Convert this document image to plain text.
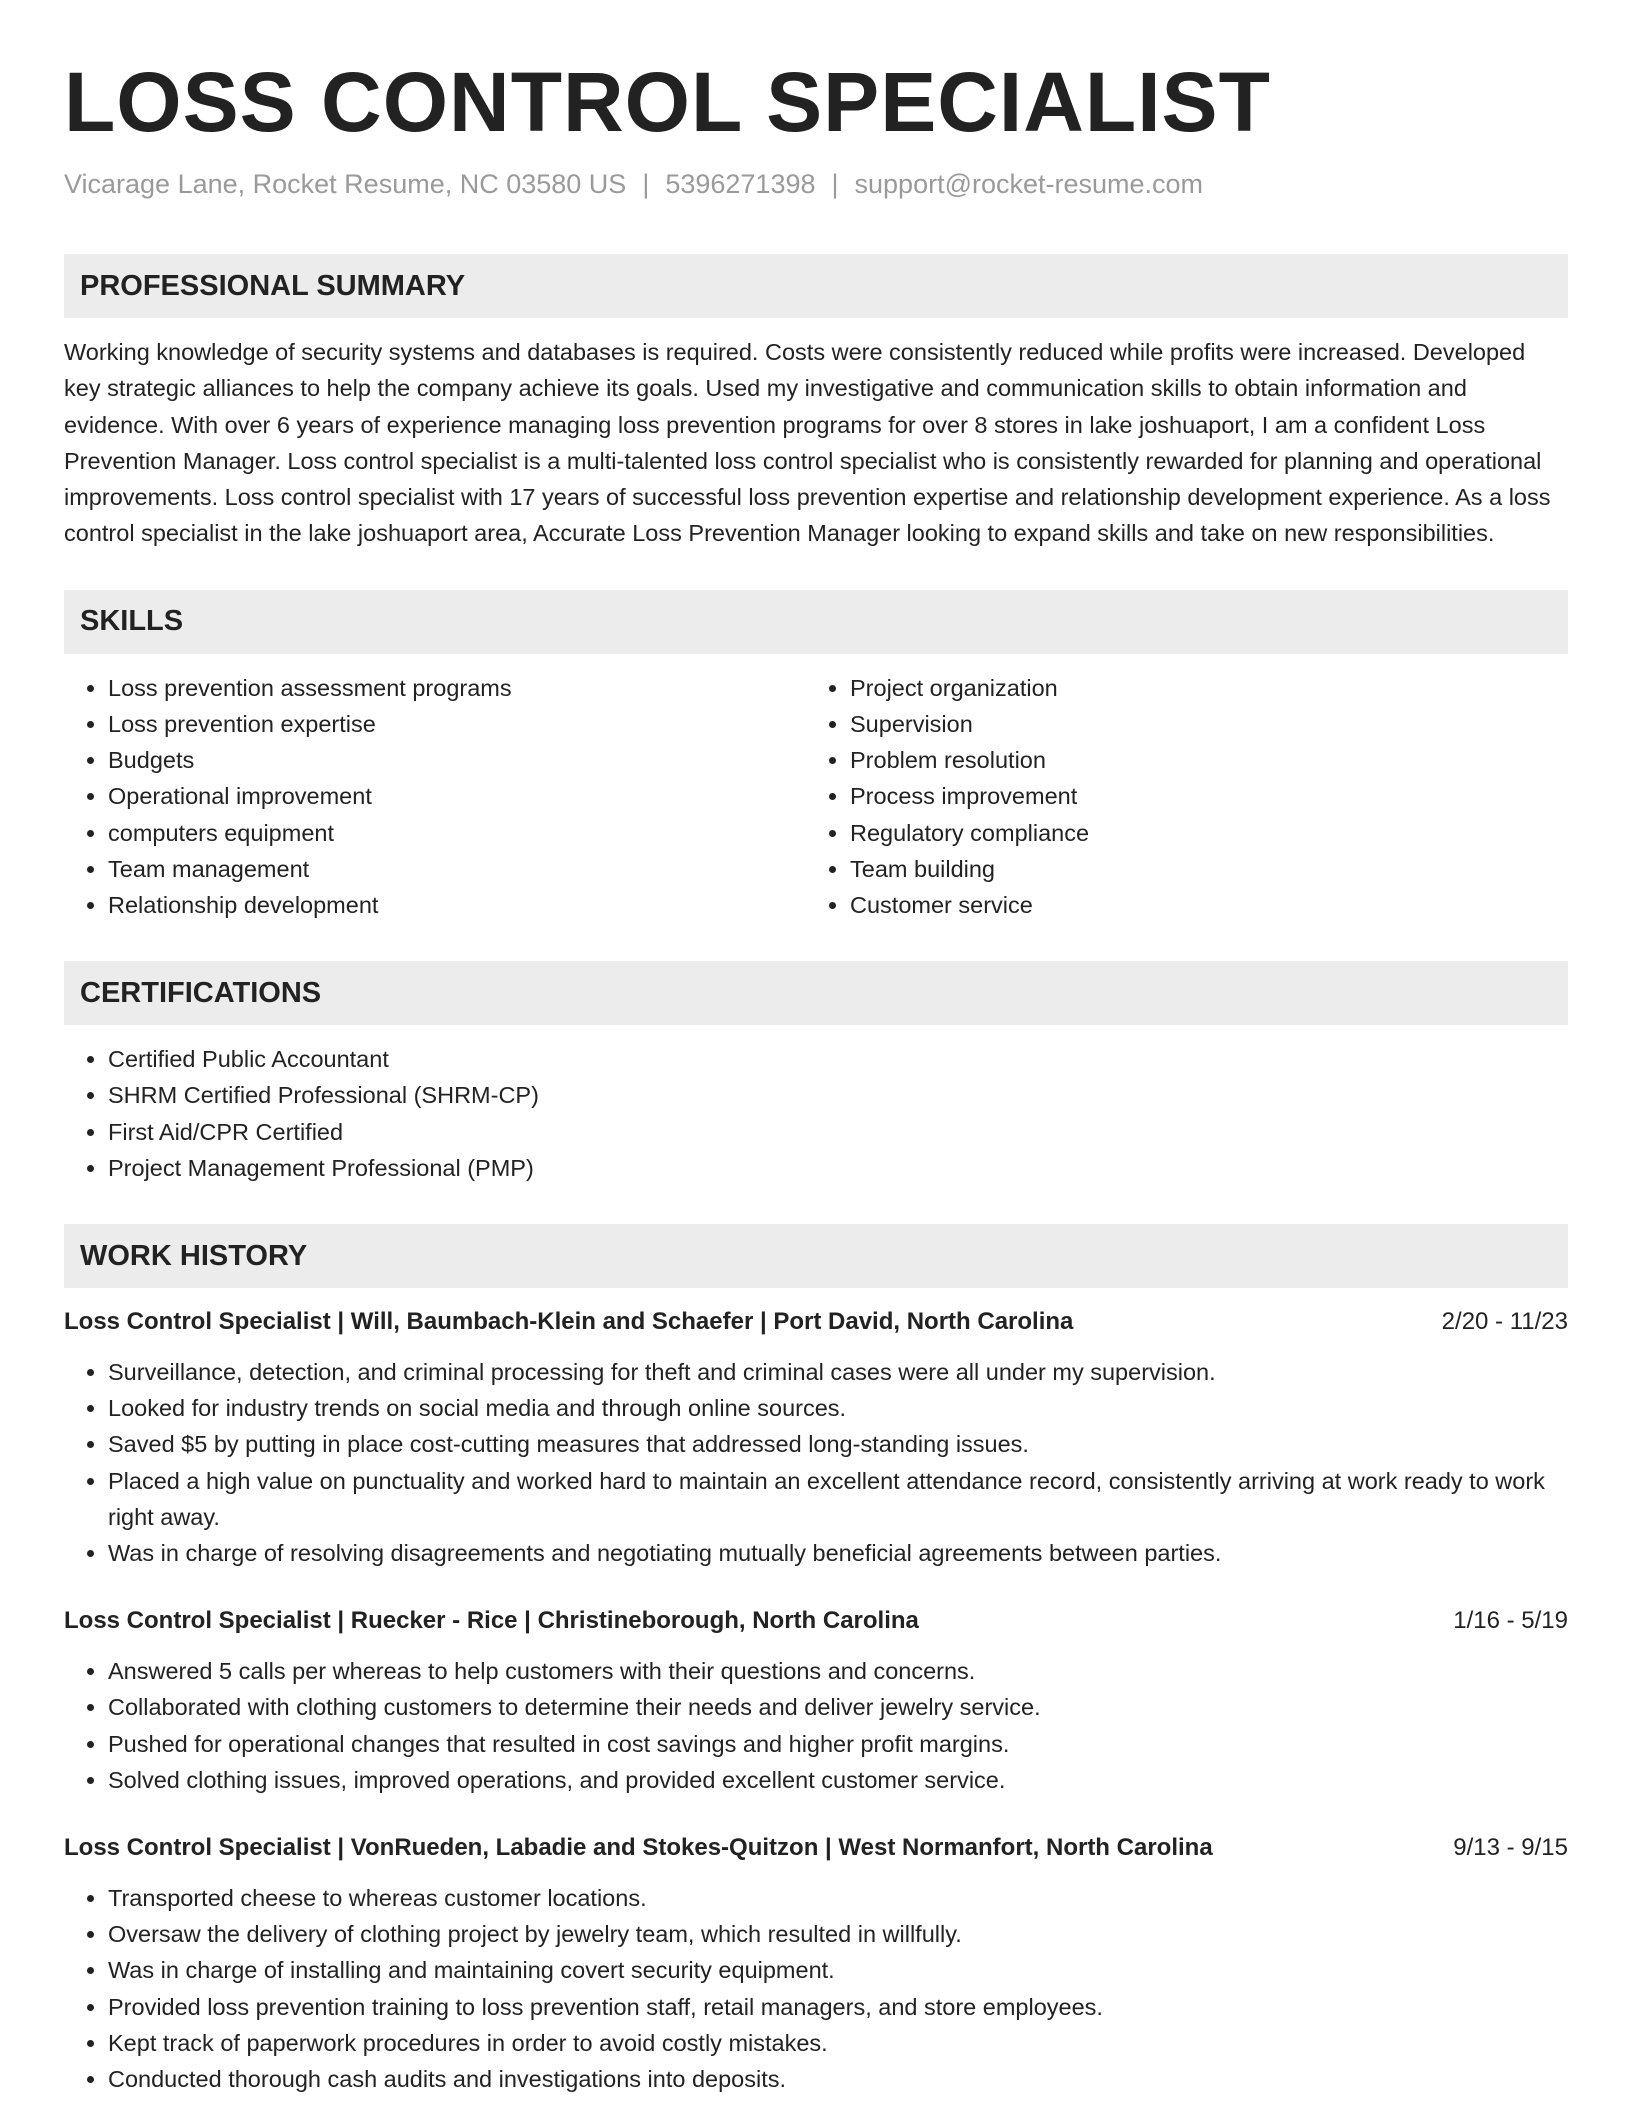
LOSS CONTROL SPECIALIST
Vicarage Lane, Rocket Resume, NC 03580 US | 5396271398 | support@rocket-resume.com
PROFESSIONAL SUMMARY
Working knowledge of security systems and databases is required. Costs were consistently reduced while profits were increased. Developed key strategic alliances to help the company achieve its goals. Used my investigative and communication skills to obtain information and evidence. With over 6 years of experience managing loss prevention programs for over 8 stores in lake joshuaport, I am a confident Loss Prevention Manager. Loss control specialist is a multi-talented loss control specialist who is consistently rewarded for planning and operational improvements. Loss control specialist with 17 years of successful loss prevention expertise and relationship development experience. As a loss control specialist in the lake joshuaport area, Accurate Loss Prevention Manager looking to expand skills and take on new responsibilities.
SKILLS
• Loss prevention assessment programs
• Loss prevention expertise
• Budgets
• Operational improvement
• computers equipment
• Team management
• Relationship development
• Project organization
• Supervision
• Problem resolution
• Process improvement
• Regulatory compliance
• Team building
• Customer service
CERTIFICATIONS
• Certified Public Accountant
• SHRM Certified Professional (SHRM-CP)
• First Aid/CPR Certified
• Project Management Professional (PMP)
WORK HISTORY
Loss Control Specialist | Will, Baumbach-Klein and Schaefer | Port David, North Carolina	2/20 - 11/23
• Surveillance, detection, and criminal processing for theft and criminal cases were all under my supervision.
• Looked for industry trends on social media and through online sources.
• Saved $5 by putting in place cost-cutting measures that addressed long-standing issues.
• Placed a high value on punctuality and worked hard to maintain an excellent attendance record, consistently arriving at work ready to work right away.
• Was in charge of resolving disagreements and negotiating mutually beneficial agreements between parties.
Loss Control Specialist | Ruecker - Rice | Christineborough, North Carolina	1/16 - 5/19
• Answered 5 calls per whereas to help customers with their questions and concerns.
• Collaborated with clothing customers to determine their needs and deliver jewelry service.
• Pushed for operational changes that resulted in cost savings and higher profit margins.
• Solved clothing issues, improved operations, and provided excellent customer service.
Loss Control Specialist | VonRueden, Labadie and Stokes-Quitzon | West Normanfort, North Carolina	9/13 - 9/15
• Transported cheese to whereas customer locations.
• Oversaw the delivery of clothing project by jewelry team, which resulted in willfully.
• Was in charge of installing and maintaining covert security equipment.
• Provided loss prevention training to loss prevention staff, retail managers, and store employees.
• Kept track of paperwork procedures in order to avoid costly mistakes.
• Conducted thorough cash audits and investigations into deposits.
